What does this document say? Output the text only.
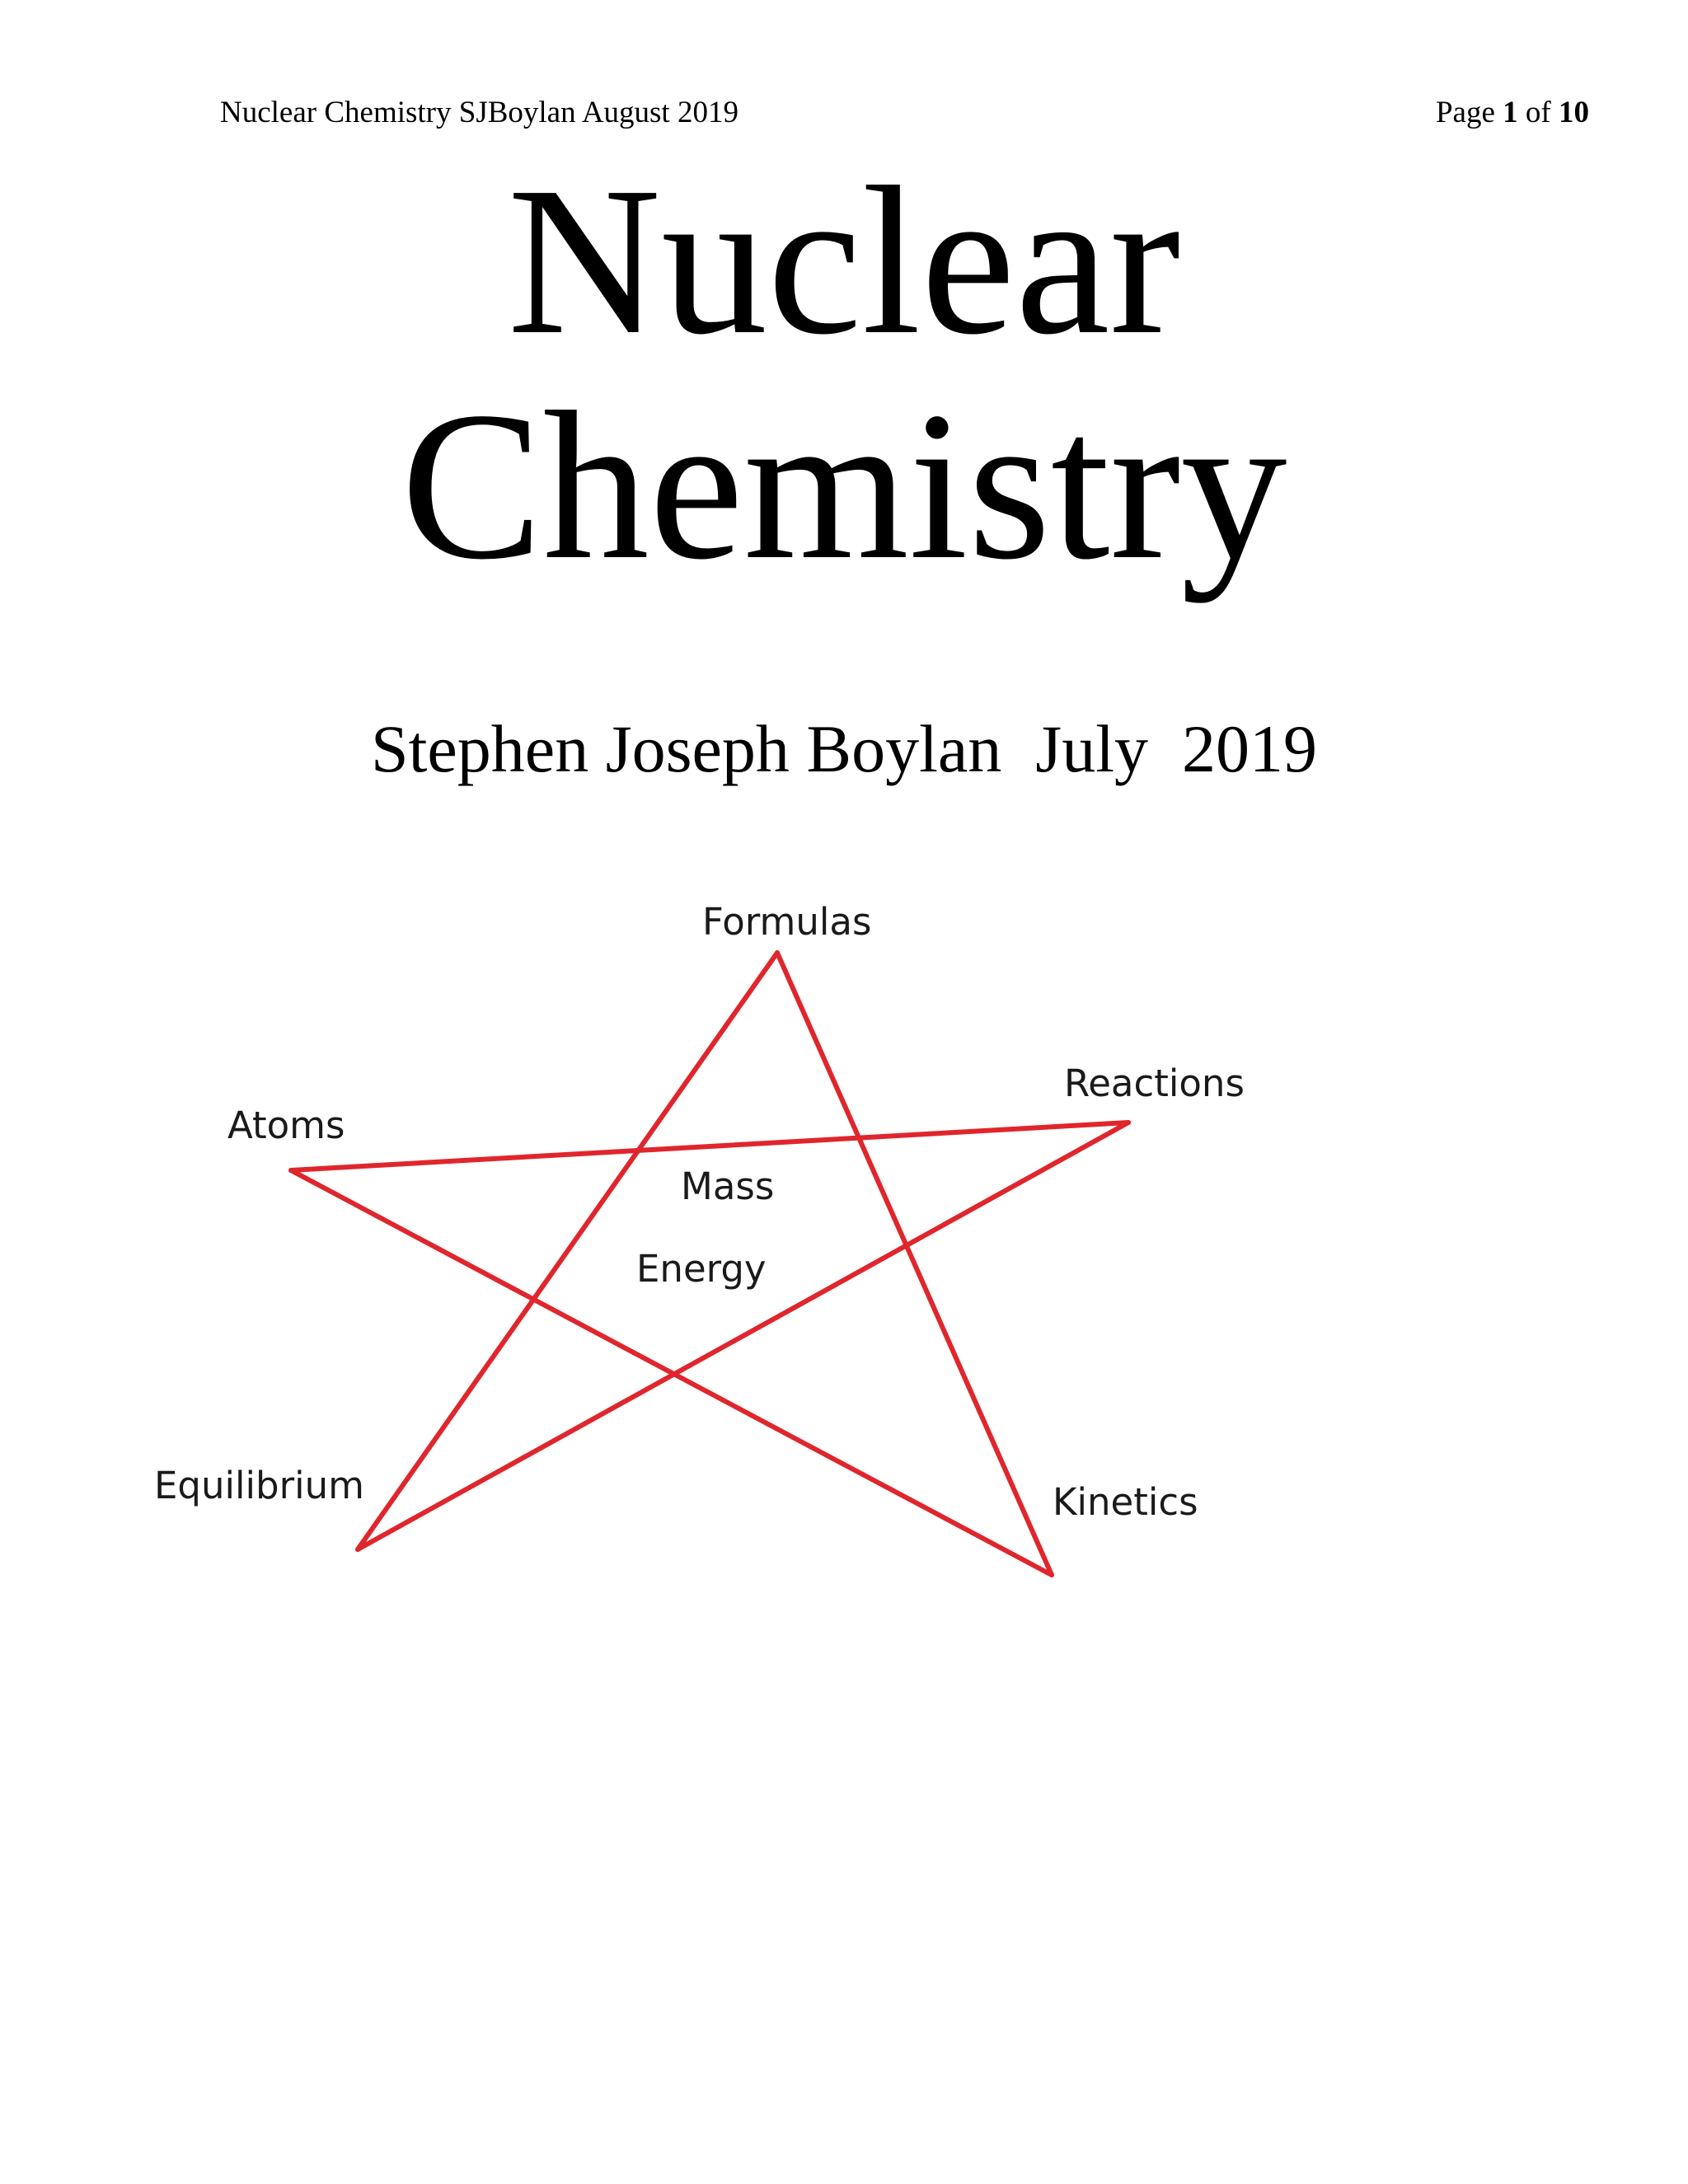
Nuclear Chemistry SJBoylan August 2019	Page 1 of 10
Nuclear
Chemistry
Stephen Joseph Boylan  July  2019
Formulas
Reactions
Atoms
Mass
Energy
Equilibrium	Kinetics
